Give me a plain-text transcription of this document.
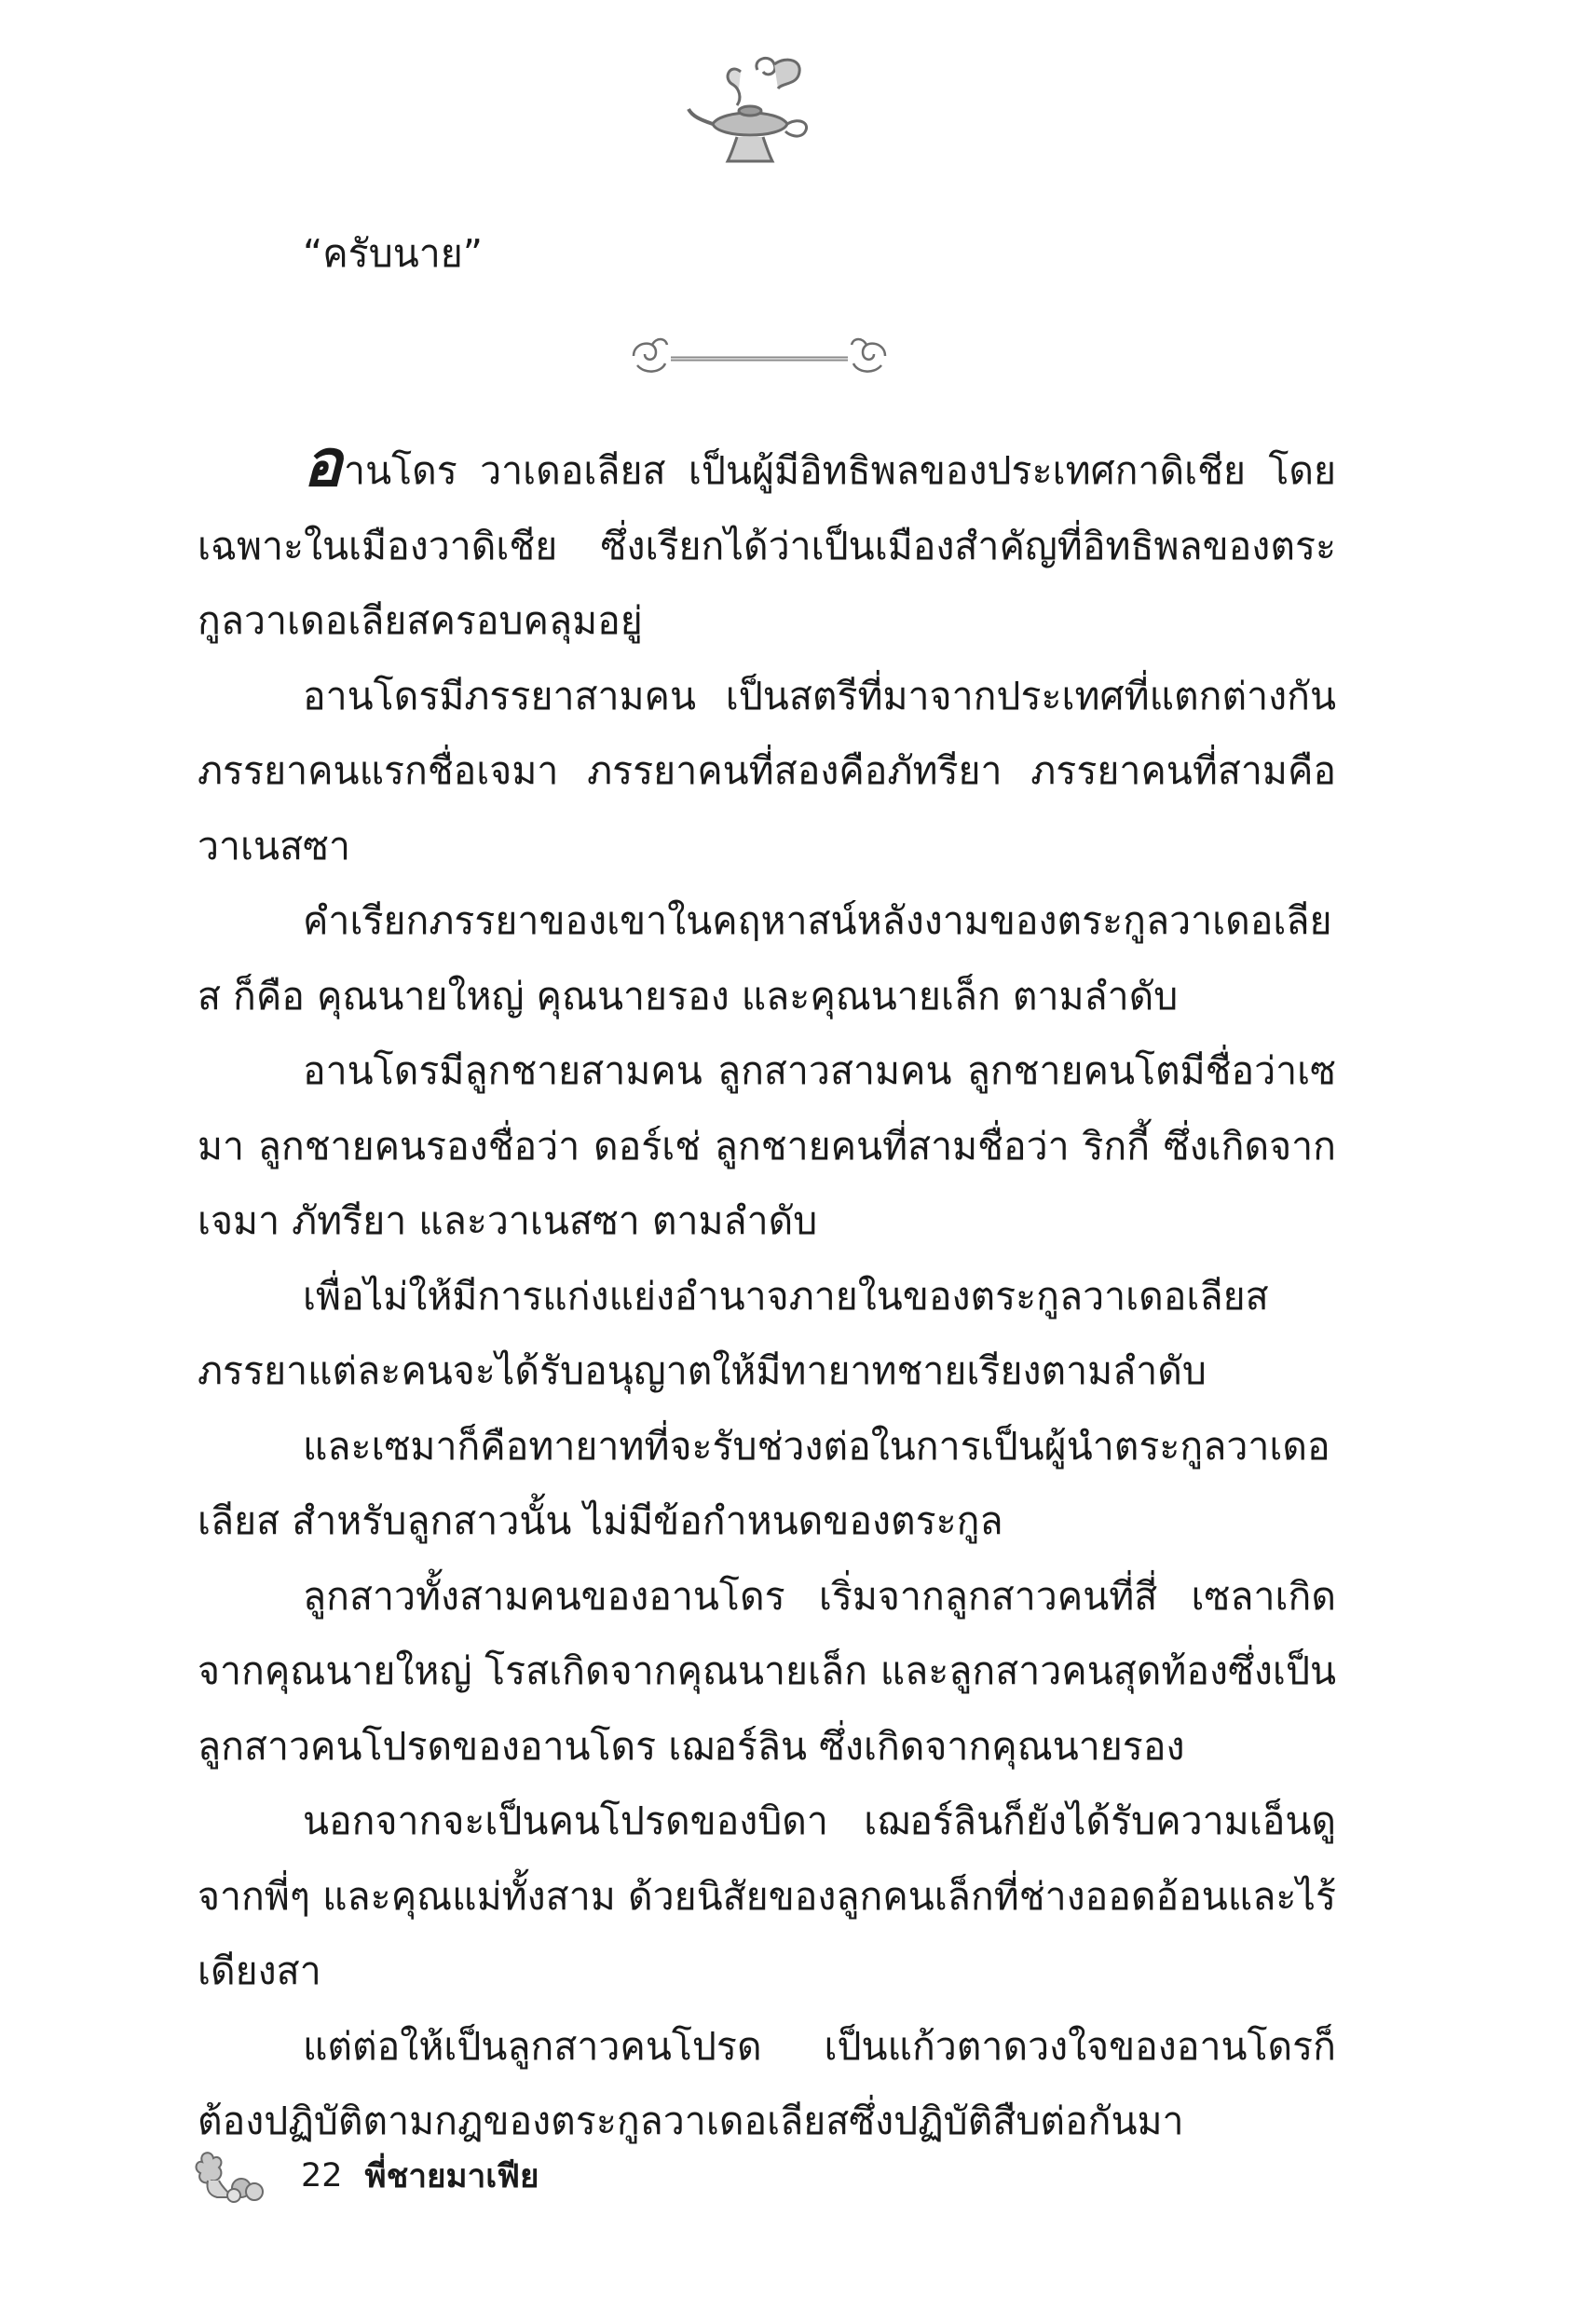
“ครับนาย”

อานโดร วาเดอเลียส เป็นผู้มีอิทธิพลของประเทศกาดิเชีย โดยเฉพาะในเมืองวาดิเชีย ซึ่งเรียกได้ว่าเป็นเมืองสำคัญที่อิทธิพลของตระกูลวาเดอเลียสครอบคลุมอยู่

อานโดรมีภรรยาสามคน เป็นสตรีที่มาจากประเทศที่แตกต่างกัน ภรรยาคนแรกชื่อเจมา ภรรยาคนที่สองคือภัทรียา ภรรยาคนที่สามคือวาเนสซา

คำเรียกภรรยาของเขาในคฤหาสน์หลังงามของตระกูลวาเดอเลียส ก็คือ คุณนายใหญ่ คุณนายรอง และคุณนายเล็ก ตามลำดับ

อานโดรมีลูกชายสามคน ลูกสาวสามคน ลูกชายคนโตมีชื่อว่าเซมา ลูกชายคนรองชื่อว่า ดอร์เช่ ลูกชายคนที่สามชื่อว่า ริกกี้ ซึ่งเกิดจากเจมา ภัทรียา และวาเนสซา ตามลำดับ

เพื่อไม่ให้มีการแก่งแย่งอำนาจภายในของตระกูลวาเดอเลียส ภรรยาแต่ละคนจะได้รับอนุญาตให้มีทายาทชายเรียงตามลำดับ

และเซมาก็คือทายาทที่จะรับช่วงต่อในการเป็นผู้นำตระกูลวาเดอเลียส สำหรับลูกสาวนั้น ไม่มีข้อกำหนดของตระกูล

ลูกสาวทั้งสามคนของอานโดร เริ่มจากลูกสาวคนที่สี่ เซลาเกิดจากคุณนายใหญ่ โรสเกิดจากคุณนายเล็ก และลูกสาวคนสุดท้องซึ่งเป็นลูกสาวคนโปรดของอานโดร เฌอร์ลิน ซึ่งเกิดจากคุณนายรอง

นอกจากจะเป็นคนโปรดของบิดา เฌอร์ลินก็ยังได้รับความเอ็นดูจากพี่ๆ และคุณแม่ทั้งสาม ด้วยนิสัยของลูกคนเล็กที่ช่างออดอ้อนและไร้เดียงสา

แต่ต่อให้เป็นลูกสาวคนโปรด เป็นแก้วตาดวงใจของอานโดรก็ต้องปฏิบัติตามกฎของตระกูลวาเดอเลียสซึ่งปฏิบัติสืบต่อกันมา

22 พี่ชายมาเฟีย
